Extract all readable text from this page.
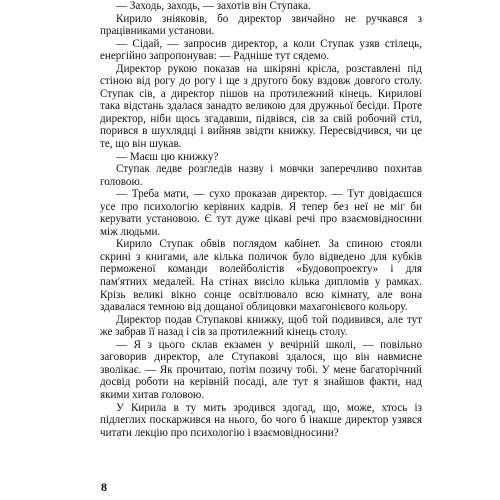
— Заходь, заходь, — захотів він Ступака.

Кирило зніяковів, бо директор звичайно не ручкався з працівниками установи.

— Сідай, — запросив директор, а коли Ступак узяв стілець, енергійно запропонував: — Радніше тут сядемо.

Директор рукою показав на шкіряні крісла, розставлені під стіною від рогу до рогу і ще з другого боку вздовж довгого столу. Ступак сів, а директор пішов на протилежний кінець. Кирилові така відстань здалася занадто великою для дружньої бесіди. Проте директор, ніби щось згадавши, підвівся, сів за свій робочий стіл, порився в шухлядці і вийняв звідти книжку. Пересвідчився, чи це те, що він шукав.

— Маєш цю книжку?

Ступак ледве розгледів назву і мовчки заперечливо похитав головою.

— Треба мати, — сухо проказав директор. — Тут довідаєшся усе про психологію керівних кадрів. Я тепер без неї не міг би керувати установою. Є тут дуже цікаві речі про взаємовідносини між людьми.

Кирило Ступак обвів поглядом кабінет. За спиною стояли скрині з книгами, але кілька поличок було відведено для кубків перможеної команди волейболістів «Будовопроекту» і для пам'ятних медалей. На стінах висіло кілька дипломів у рамках. Крізь великі вікно сонце освітлювало всю кімнату, але вона здавалася темною від дощаної облицовки махагонієвого кольору.

Директор подав Ступакові книжку, щоб той подивився, але тут же забрав її назад і сів за протилежний кінець столу.

— Я з цього склав екзамен у вечірній школі, — повільно заговорив директор, але Ступакові здалося, що він навмисне зволікає. — Як прочитаю, потім позичу тобі. У мене багаторічний досвід роботи на керівній посаді, але тут я знайшов факти, над якими хитав головою.

У Кирила в ту мить зродився здогад, що, може, хтось із підлеглих поскаржився на нього, бо чого б інакше директор узявся читати лекцію про психологію і взаємовідносини?

8
